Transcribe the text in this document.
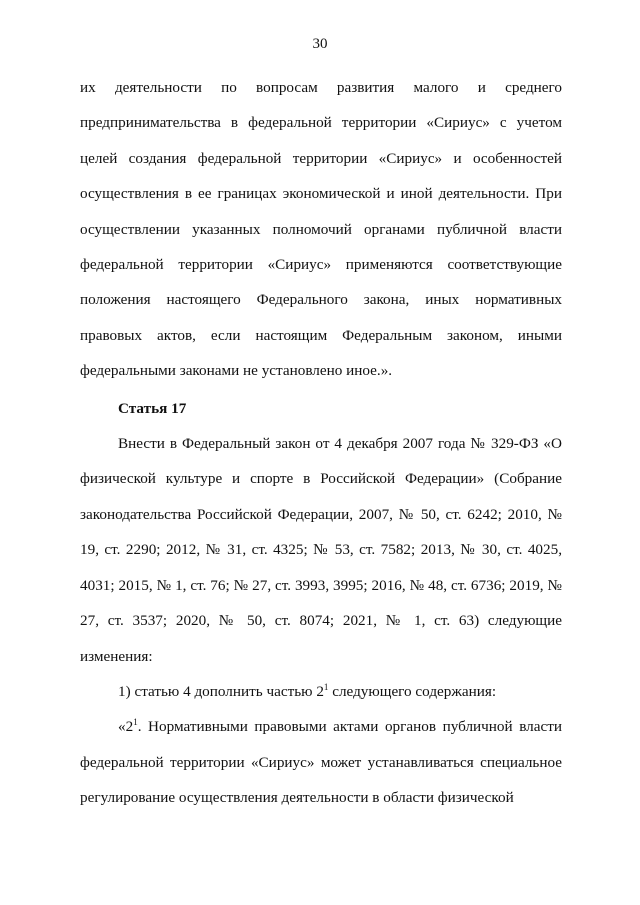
30

их деятельности по вопросам развития малого и среднего предпринимательства в федеральной территории «Сириус» с учетом целей создания федеральной территории «Сириус» и особенностей осуществления в ее границах экономической и иной деятельности. При осуществлении указанных полномочий органами публичной власти федеральной территории «Сириус» применяются соответствующие положения настоящего Федерального закона, иных нормативных правовых актов, если настоящим Федеральным законом, иными федеральными законами не установлено иное.».

Статья 17

Внести в Федеральный закон от 4 декабря 2007 года № 329-ФЗ «О физической культуре и спорте в Российской Федерации» (Собрание законодательства Российской Федерации, 2007, № 50, ст. 6242; 2010, № 19, ст. 2290; 2012, № 31, ст. 4325; № 53, ст. 7582; 2013, № 30, ст. 4025, 4031; 2015, № 1, ст. 76; № 27, ст. 3993, 3995; 2016, № 48, ст. 6736; 2019, № 27, ст. 3537; 2020, № 50, ст. 8074; 2021, № 1, ст. 63) следующие изменения:

1) статью 4 дополнить частью $2^1$ следующего содержания:

«$2^1$. Нормативными правовыми актами органов публичной власти федеральной территории «Сириус» может устанавливаться специальное регулирование осуществления деятельности в области физической
